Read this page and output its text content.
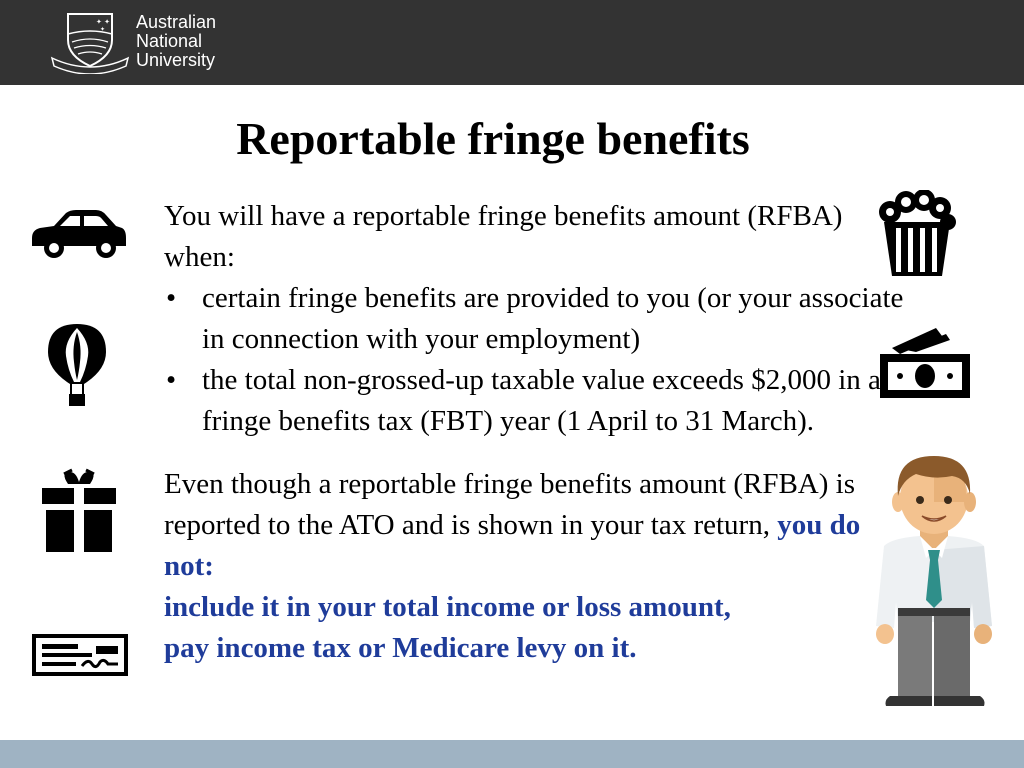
✦ ✦
✦ Australian
National
University
Reportable fringe benefits

You will have a reportable fringe benefits amount (RFBA) when:

• certain fringe benefits are provided to you (or your associate in connection with your employment)
• the total non-grossed-up taxable value exceeds $2,000 in a fringe benefits tax (FBT) year (1 April to 31 March).

Even though a reportable fringe benefits amount (RFBA) is reported to the ATO and is shown in your tax return, you do not:

include it in your total income or loss amount,

pay income tax or Medicare levy on it.
